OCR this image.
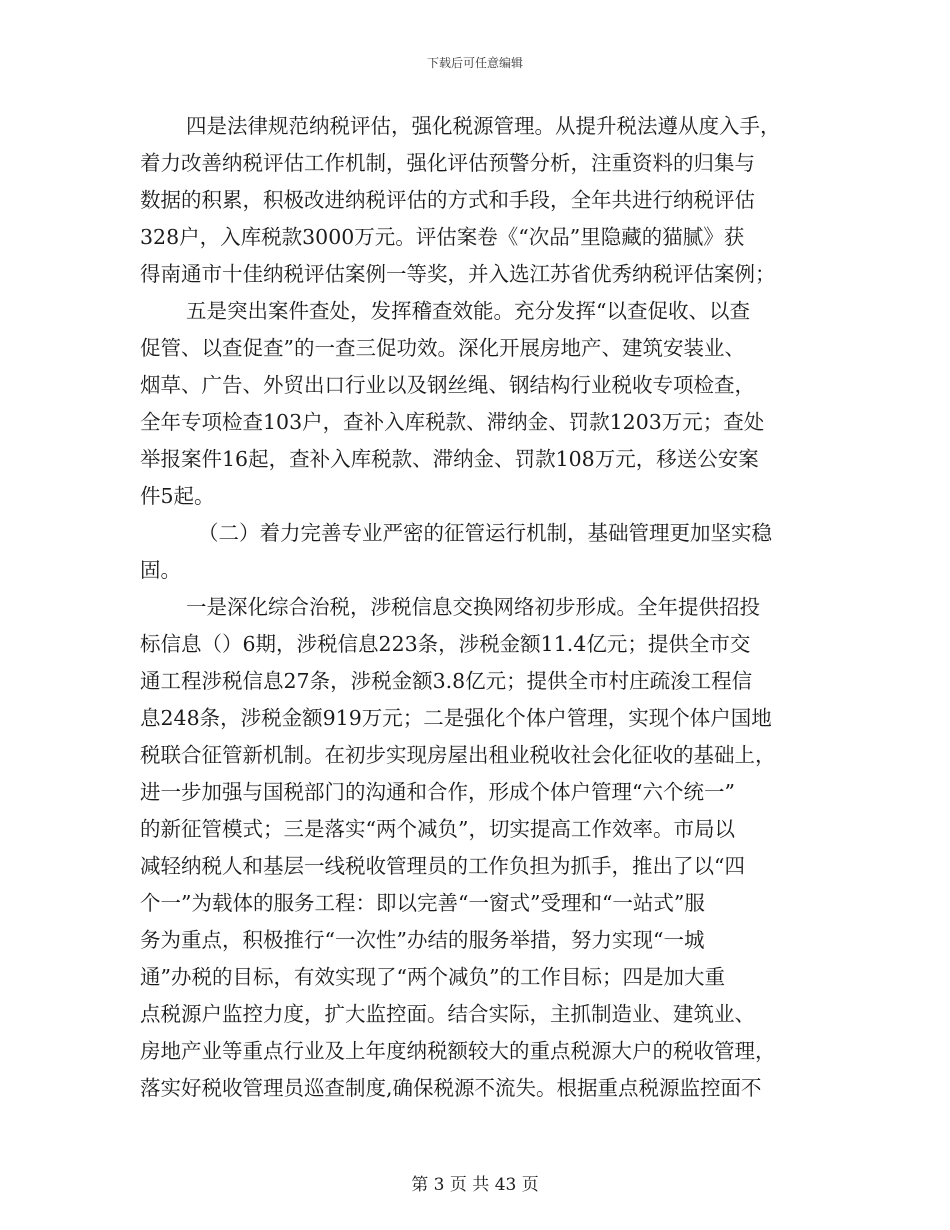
下载后可任意编辑
四是法律规范纳税评估，强化税源管理。从提升税法遵从度入手，
着力改善纳税评估工作机制，强化评估预警分析，注重资料的归集与
数据的积累，积极改进纳税评估的方式和手段，全年共进行纳税评估
328户，入库税款3000万元。评估案卷《“次品”里隐藏的猫腻》获
得南通市十佳纳税评估案例一等奖，并入选江苏省优秀纳税评估案例；
五是突出案件查处，发挥稽查效能。充分发挥“以查促收、以查
促管、以查促查”的一查三促功效。深化开展房地产、建筑安装业、
烟草、广告、外贸出口行业以及钢丝绳、钢结构行业税收专项检查，
全年专项检查103户，查补入库税款、滞纳金、罚款1203万元；查处
举报案件16起，查补入库税款、滞纳金、罚款108万元，移送公安案
件5起。
（二）着力完善专业严密的征管运行机制，基础管理更加坚实稳
固。
一是深化综合治税，涉税信息交换网络初步形成。全年提供招投
标信息（）6期，涉税信息223条，涉税金额11.4亿元；提供全市交
通工程涉税信息27条，涉税金额3.8亿元；提供全市村庄疏浚工程信
息248条，涉税金额919万元；二是强化个体户管理，实现个体户国地
税联合征管新机制。在初步实现房屋出租业税收社会化征收的基础上，
进一步加强与国税部门的沟通和合作，形成个体户管理“六个统一”
的新征管模式；三是落实“两个减负”，切实提高工作效率。市局以
减轻纳税人和基层一线税收管理员的工作负担为抓手，推出了以“四
个一”为载体的服务工程：即以完善“一窗式”受理和“一站式”服
务为重点，积极推行“一次性”办结的服务举措，努力实现“一城
通”办税的目标，有效实现了“两个减负”的工作目标；四是加大重
点税源户监控力度，扩大监控面。结合实际，主抓制造业、建筑业、
房地产业等重点行业及上年度纳税额较大的重点税源大户的税收管理，
落实好税收管理员巡查制度,确保税源不流失。根据重点税源监控面不
第 3 页 共 43 页
